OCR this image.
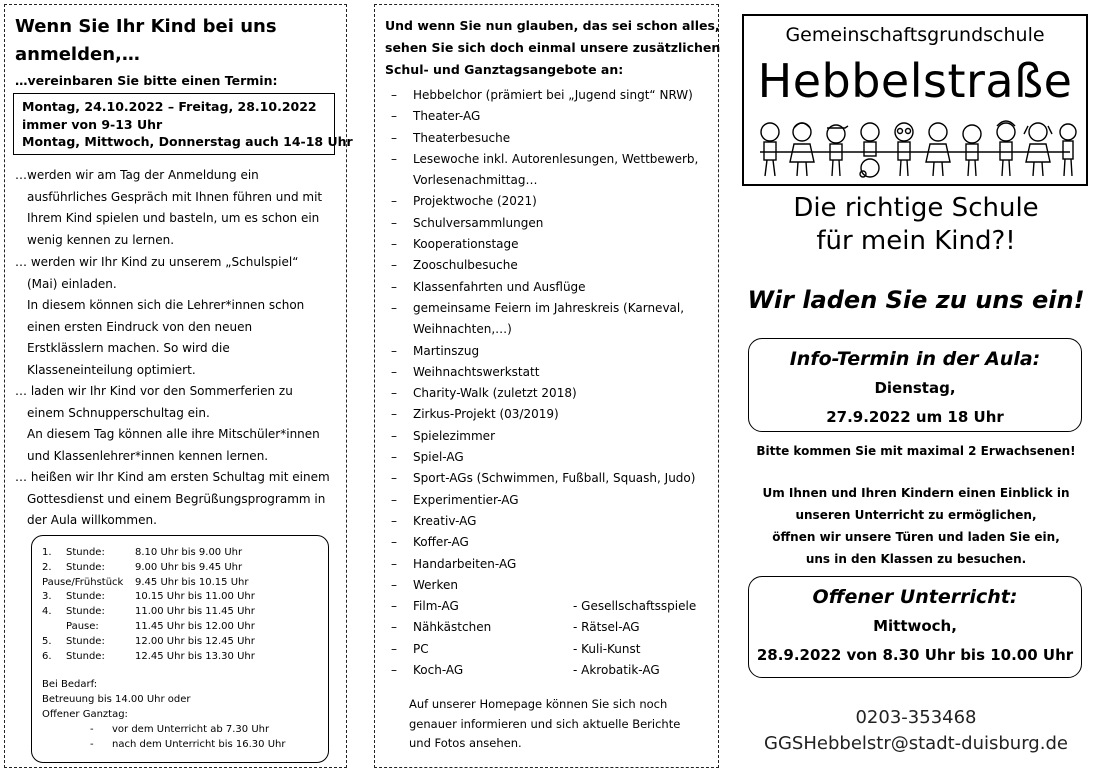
Wenn Sie Ihr Kind bei uns
anmelden,…
…vereinbaren Sie bitte einen Termin:
Montag, 24.10.2022 – Freitag, 28.10.2022
immer von 9-13 Uhr
Montag, Mittwoch, Donnerstag auch 14-18 Uhr
…werden wir am Tag der Anmeldung ein
ausführliches Gespräch mit Ihnen führen und mit
Ihrem Kind spielen und basteln, um es schon ein
wenig kennen zu lernen.
… werden wir Ihr Kind zu unserem „Schulspiel“
(Mai) einladen.
In diesem können sich die Lehrer*innen schon
einen ersten Eindruck von den neuen
Erstklässlern machen. So wird die
Klasseneinteilung optimiert.
… laden wir Ihr Kind vor den Sommerferien zu
einem Schnupperschultag ein.
An diesem Tag können alle ihre Mitschüler*innen
und Klassenlehrer*innen kennen lernen.
… heißen wir Ihr Kind am ersten Schultag mit einem
Gottesdienst und einem Begrüßungsprogramm in
der Aula willkommen.
1. Stunde:	8.10 Uhr bis 9.00 Uhr
2. Stunde:	9.00 Uhr bis 9.45 Uhr
Pause/Frühstück 9.45 Uhr bis 10.15 Uhr
3. Stunde:	10.15 Uhr bis 11.00 Uhr
4. Stunde:	11.00 Uhr bis 11.45 Uhr
Pause:	11.45 Uhr bis 12.00 Uhr
5. Stunde:	12.00 Uhr bis 12.45 Uhr
6. Stunde:	12.45 Uhr bis 13.30 Uhr
Bei Bedarf:
Betreuung bis 14.00 Uhr oder
Offener Ganztag:
- vor dem Unterricht ab 7.30 Uhr
- nach dem Unterricht bis 16.30 Uhr
Und wenn Sie nun glauben, das sei schon alles,
sehen Sie sich doch einmal unsere zusätzlichen
Schul- und Ganztagsangebote an:
– Hebbelchor (prämiert bei „Jugend singt“ NRW)
– Theater-AG
– Theaterbesuche
– Lesewoche inkl. Autorenlesungen, Wettbewerb,
Vorlesenachmittag…
– Projektwoche (2021)
– Schulversammlungen
– Kooperationstage
– Zooschulbesuche
– Klassenfahrten und Ausflüge
– gemeinsame Feiern im Jahreskreis (Karneval,
Weihnachten,…)
– Martinszug
– Weihnachtswerkstatt
– Charity-Walk (zuletzt 2018)
– Zirkus-Projekt (03/2019)
– Spielezimmer
– Spiel-AG
– Sport-AGs (Schwimmen, Fußball, Squash, Judo)
– Experimentier-AG
– Kreativ-AG
– Koffer-AG
– Handarbeiten-AG
– Werken
– Film-AG	- Gesellschaftsspiele
– Nähkästchen	- Rätsel-AG
– PC	- Kuli-Kunst
– Koch-AG	- Akrobatik-AG
Auf unserer Homepage können Sie sich noch
genauer informieren und sich aktuelle Berichte
und Fotos ansehen.
Gemeinschaftsgrundschule
Hebbelstraße
Die richtige Schule
für mein Kind?!
Wir laden Sie zu uns ein!
Info-Termin in der Aula:
Dienstag,
27.9.2022 um 18 Uhr
Bitte kommen Sie mit maximal 2 Erwachsenen!
Um Ihnen und Ihren Kindern einen Einblick in
unseren Unterricht zu ermöglichen,
öffnen wir unsere Türen und laden Sie ein,
uns in den Klassen zu besuchen.
Offener Unterricht:
Mittwoch,
28.9.2022 von 8.30 Uhr bis 10.00 Uhr
0203-353468
GGSHebbelstr@stadt-duisburg.de
